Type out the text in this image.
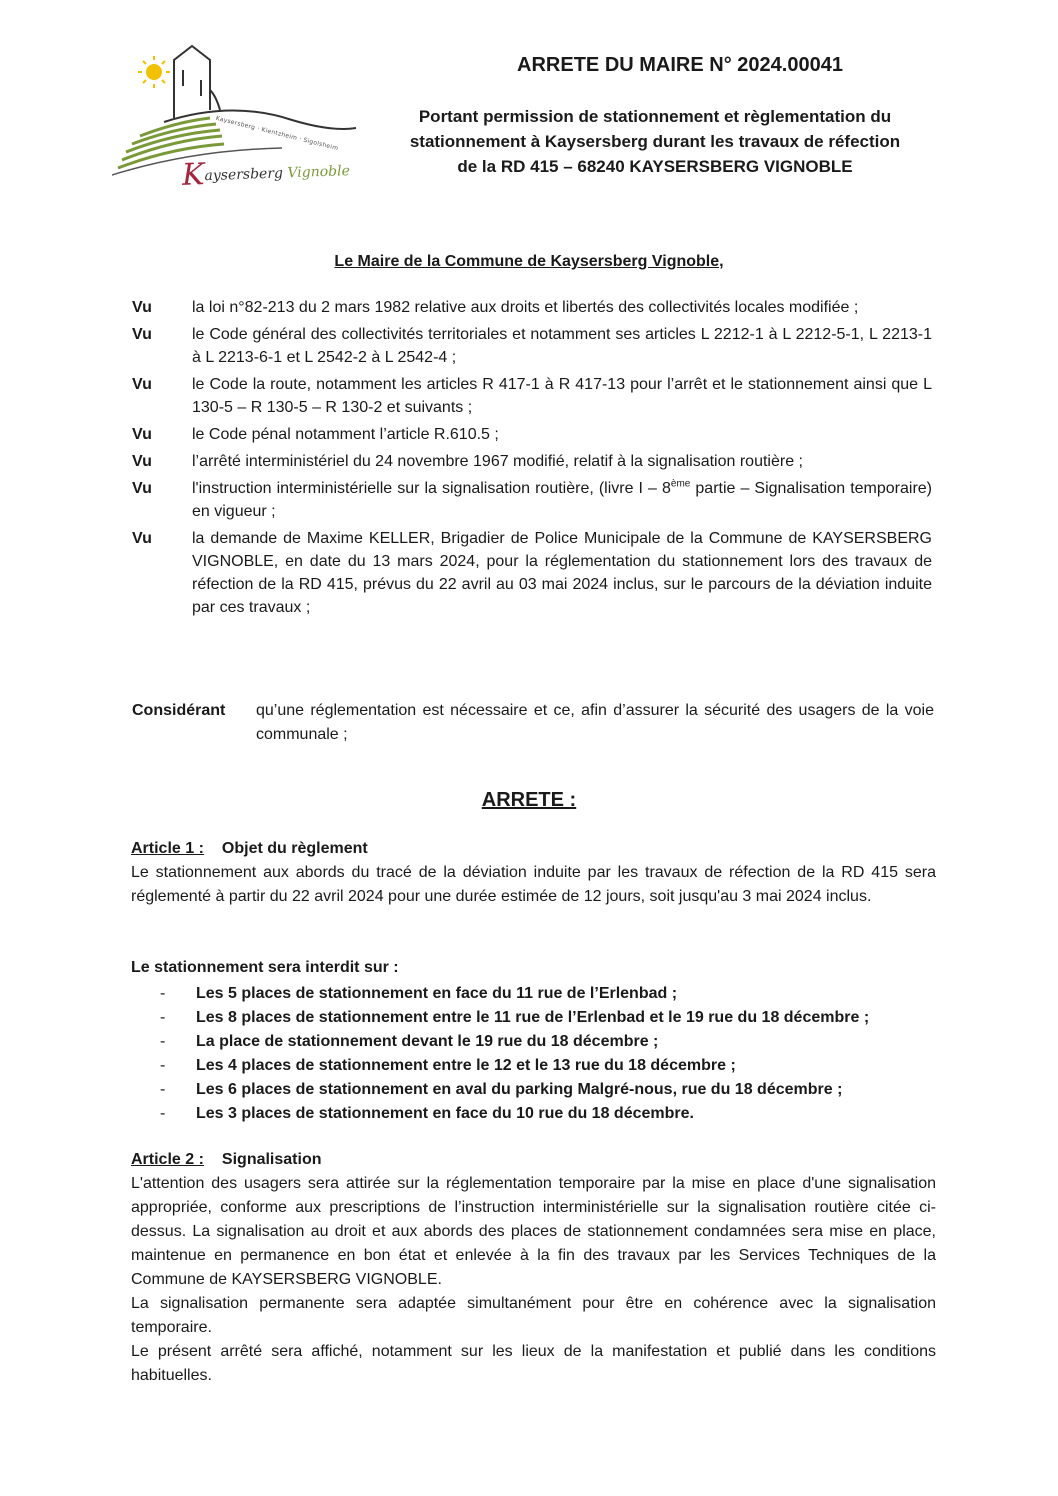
Kaysersberg · Kientzheim · Sigolsheim
Kaysersberg Vignoble
ARRETE DU MAIRE N° 2024.00041
Portant permission de stationnement et règlementation du
stationnement à Kaysersberg durant les travaux de réfection
de la RD 415 – 68240 KAYSERSBERG VIGNOBLE
Le Maire de la Commune de Kaysersberg Vignoble,
Vu	la loi n°82-213 du 2 mars 1982 relative aux droits et libertés des collectivités locales modifiée ;
Vu	le Code général des collectivités territoriales et notamment ses articles L 2212-1 à L 2212-5-1, L 2213-1 à L 2213-6-1 et L 2542-2 à L 2542-4 ;
Vu	le Code la route, notamment les articles R 417-1 à R 417-13 pour l’arrêt et le stationnement ainsi que L 130-5 – R 130-5 – R 130-2 et suivants ;
Vu	le Code pénal notamment l’article R.610.5 ;
Vu	l’arrêté interministériel du 24 novembre 1967 modifié, relatif à la signalisation routière ;
Vu	l'instruction interministérielle sur la signalisation routière, (livre I – 8ème partie – Signalisation temporaire) en vigueur ;
Vu	la demande de Maxime KELLER, Brigadier de Police Municipale de la Commune de KAYSERSBERG VIGNOBLE, en date du 13 mars 2024, pour la réglementation du stationnement lors des travaux de réfection de la RD 415, prévus du 22 avril au 03 mai 2024 inclus, sur le parcours de la déviation induite par ces travaux ;
Considérant	qu’une réglementation est nécessaire et ce, afin d’assurer la sécurité des usagers de la voie communale ;
ARRETE :
Article 1 : Objet du règlement

Le stationnement aux abords du tracé de la déviation induite par les travaux de réfection de la RD 415 sera réglementé à partir du 22 avril 2024 pour une durée estimée de 12 jours, soit jusqu'au 3 mai 2024 inclus.

Le stationnement sera interdit sur :
-	Les 5 places de stationnement en face du 11 rue de l’Erlenbad ;
-	Les 8 places de stationnement entre le 11 rue de l’Erlenbad et le 19 rue du 18 décembre ;
-	La place de stationnement devant le 19 rue du 18 décembre ;
-	Les 4 places de stationnement entre le 12 et le 13 rue du 18 décembre ;
-	Les 6 places de stationnement en aval du parking Malgré-nous, rue du 18 décembre ;
-	Les 3 places de stationnement en face du 10 rue du 18 décembre.
Article 2 : Signalisation

L'attention des usagers sera attirée sur la réglementation temporaire par la mise en place d'une signalisation appropriée, conforme aux prescriptions de l’instruction interministérielle sur la signalisation routière citée ci-dessus. La signalisation au droit et aux abords des places de stationnement condamnées sera mise en place, maintenue en permanence en bon état et enlevée à la fin des travaux par les Services Techniques de la Commune de KAYSERSBERG VIGNOBLE.

La signalisation permanente sera adaptée simultanément pour être en cohérence avec la signalisation temporaire.

Le présent arrêté sera affiché, notamment sur les lieux de la manifestation et publié dans les conditions habituelles.
